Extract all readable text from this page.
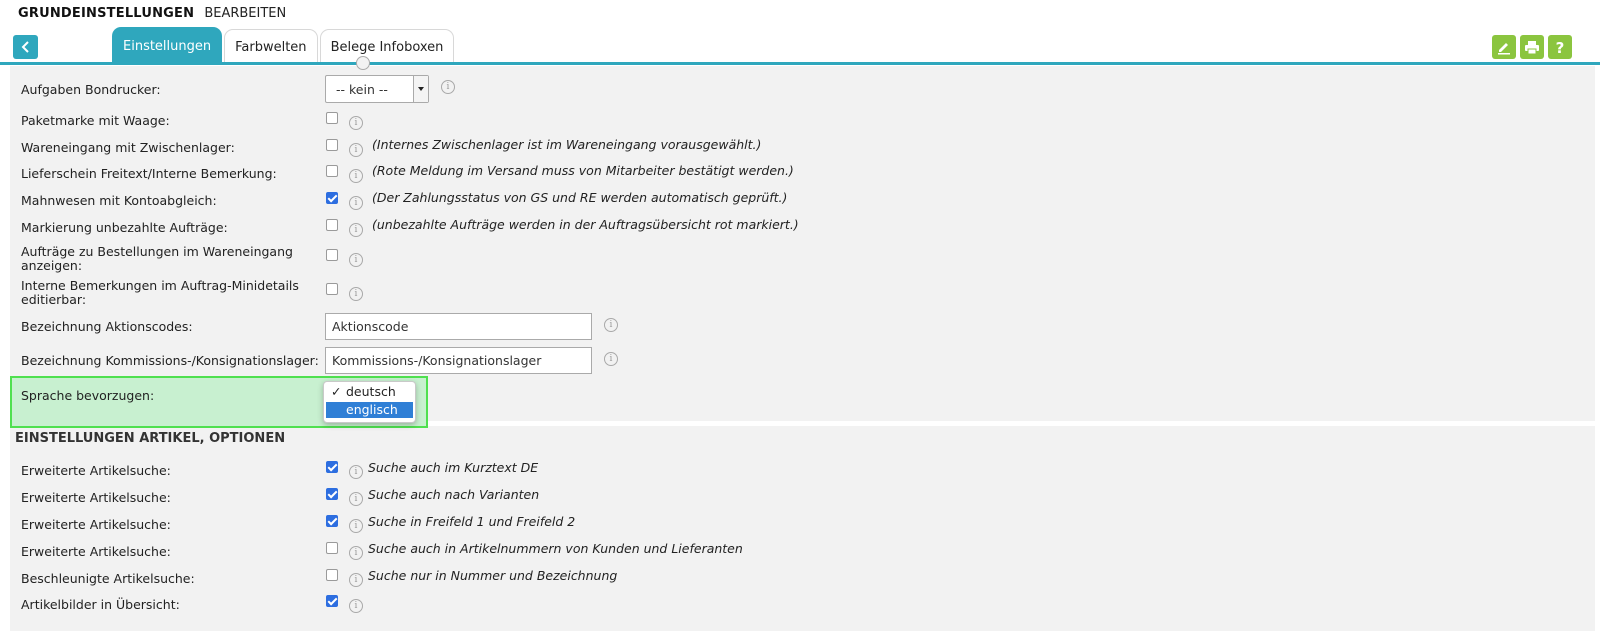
GRUNDEINSTELLUNGEN BEARBEITEN
Einstellungen	Farbwelten	Belege Infoboxen	?
Aufgaben Bondrucker:	-- kein --	i
Paketmarke mit Waage:	i
Wareneingang mit Zwischenlager:	i	(Internes Zwischenlager ist im Wareneingang vorausgewählt.)
Lieferschein Freitext/Interne Bemerkung:	i	(Rote Meldung im Versand muss von Mitarbeiter bestätigt werden.)
Mahnwesen mit Kontoabgleich:	i	(Der Zahlungsstatus von GS und RE werden automatisch geprüft.)
Markierung unbezahlte Aufträge:	i	(unbezahlte Aufträge werden in der Auftragsübersicht rot markiert.)
Aufträge zu Bestellungen im Wareneingang anzeigen:	i
Interne Bemerkungen im Auftrag-Minidetails editierbar:	i
Bezeichnung Aktionscodes:	Aktionscode	i
Bezeichnung Kommissions-/Konsignationslager:	Kommissions-/Konsignationslager	i
Sprache bevorzugen:	✓ deutsch
englisch
EINSTELLUNGEN ARTIKEL, OPTIONEN
Erweiterte Artikelsuche:	i Suche auch im Kurztext DE
Erweiterte Artikelsuche:	i Suche auch nach Varianten
Erweiterte Artikelsuche:	i Suche in Freifeld 1 und Freifeld 2
Erweiterte Artikelsuche:	i Suche auch in Artikelnummern von Kunden und Lieferanten
Beschleunigte Artikelsuche:	i Suche nur in Nummer und Bezeichnung
Artikelbilder in Übersicht:	i
